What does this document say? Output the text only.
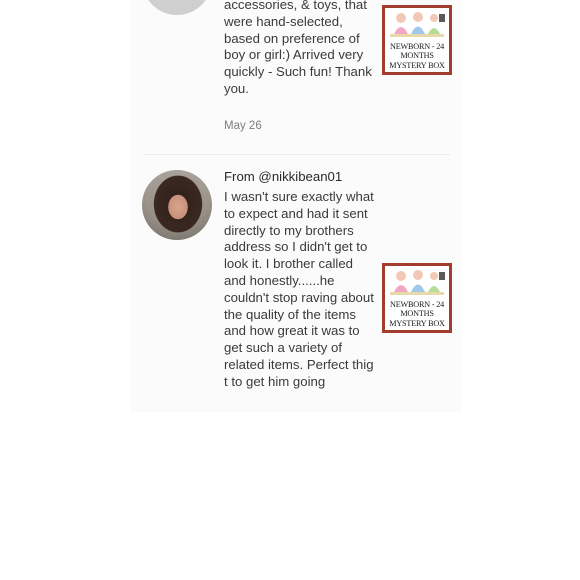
accessories, & toys, that were hand-selected, based on preference of boy or girl:) Arrived very quickly - Such fun! Thank you.
May 26
NEWBORN - 24 MONTHS MYSTERY BOX
From @nikkibean01
I wasn't sure exactly what to expect and had it sent directly to my brothers address so I didn't get to look it. I brother called and honestly......he couldn't stop raving about the quality of the items and how great it was to get such a variety of related items. Perfect thig t to get him going
NEWBORN - 24 MONTHS MYSTERY BOX
